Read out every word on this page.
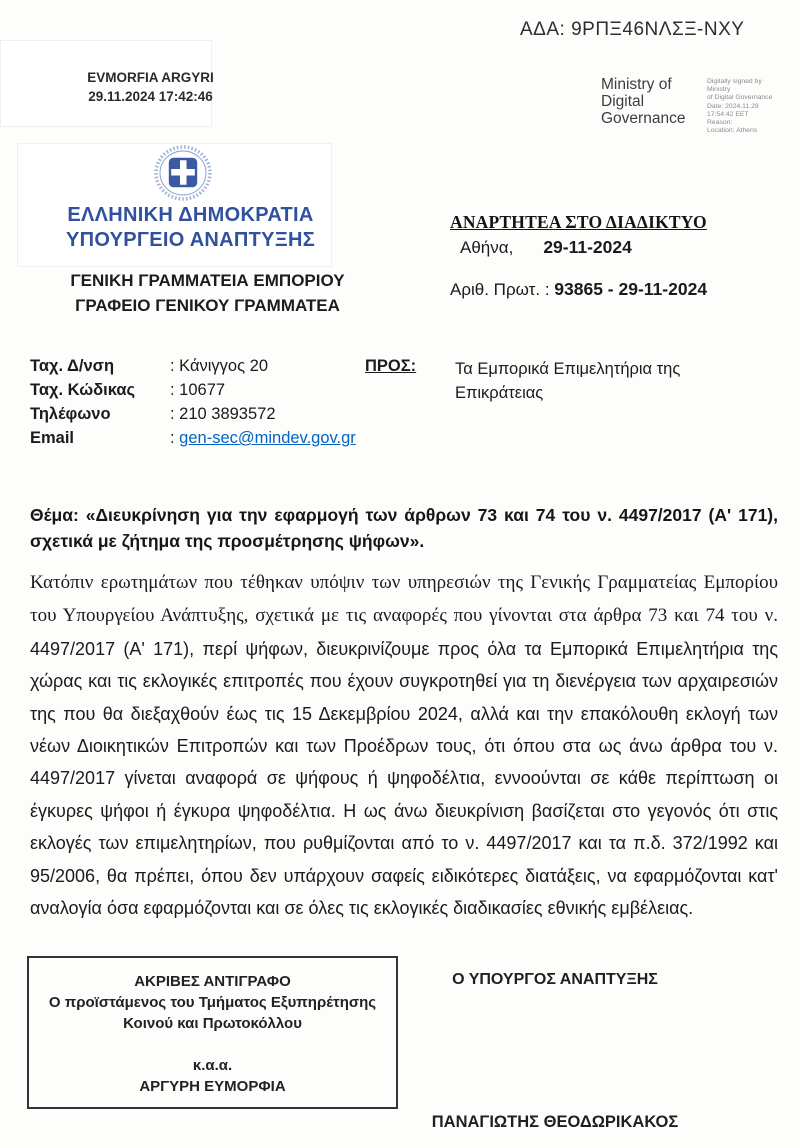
ΑΔΑ: 9ΡΠΞ46ΝΛΣΞ-ΝΧΥ
EVMORFIA ARGYRI
29.11.2024 17:42:46
Ministry of Digital Governance
Digitally signed by Ministry
of Digital Governance
Date: 2024.11.29
17:54:42 EET
Reason:
Location: Athens
ΕΛΛΗΝΙΚΗ ΔΗΜΟΚΡΑΤΙΑ
ΥΠΟΥΡΓΕΙΟ ΑΝΑΠΤΥΞΗΣ
ΓΕΝΙΚΗ ΓΡΑΜΜΑΤΕΙΑ ΕΜΠΟΡΙΟΥ
ΓΡΑΦΕΙΟ ΓΕΝΙΚΟΥ ΓΡΑΜΜΑΤΕΑ
ΑΝΑΡΤΗΤΕΑ ΣΤΟ ΔΙΑΔΙΚΤΥΟ
Αθήνα, 29-11-2024
Αριθ. Πρωτ. : 93865 - 29-11-2024
Ταχ. Δ/νση	: Κάνιγγος 20
Ταχ. Κώδικας : 10677
Τηλέφωνο	: 210 3893572
Email	: gen-sec@mindev.gov.gr
ΠΡΟΣ: Τα Εμπορικά Επιμελητήρια της Επικράτειας
Θέμα: «Διευκρίνηση για την εφαρμογή των άρθρων 73 και 74 του ν. 4497/2017 (Α' 171), σχετικά με ζήτημα της προσμέτρησης ψήφων».
Κατόπιν ερωτημάτων που τέθηκαν υπόψιν των υπηρεσιών της Γενικής Γραμματείας Εμπορίου του Υπουργείου Ανάπτυξης, σχετικά με τις αναφορές που γίνονται στα άρθρα 73 και 74 του ν. 4497/2017 (Α' 171), περί ψήφων, διευκρινίζουμε προς όλα τα Εμπορικά Επιμελητήρια της χώρας και τις εκλογικές επιτροπές που έχουν συγκροτηθεί για τη διενέργεια των αρχαιρεσιών της που θα διεξαχθούν έως τις 15 Δεκεμβρίου 2024, αλλά και την επακόλουθη εκλογή των νέων Διοικητικών Επιτροπών και των Προέδρων τους, ότι όπου στα ως άνω άρθρα του ν. 4497/2017 γίνεται αναφορά σε ψήφους ή ψηφοδέλτια, εννοούνται σε κάθε περίπτωση οι έγκυρες ψήφοι ή έγκυρα ψηφοδέλτια. Η ως άνω διευκρίνιση βασίζεται στο γεγονός ότι στις εκλογές των επιμελητηρίων, που ρυθμίζονται από το ν. 4497/2017 και τα π.δ. 372/1992 και 95/2006, θα πρέπει, όπου δεν υπάρχουν σαφείς ειδικότερες διατάξεις, να εφαρμόζονται κατ' αναλογία όσα εφαρμόζονται και σε όλες τις εκλογικές διαδικασίες εθνικής εμβέλειας.
ΑΚΡΙΒΕΣ ΑΝΤΙΓΡΑΦΟ
Ο προϊστάμενος του Τμήματος Εξυπηρέτησης
Κοινού και Πρωτοκόλλου
κ.α.α.
ΑΡΓΥΡΗ ΕΥΜΟΡΦΙΑ
Ο ΥΠΟΥΡΓΟΣ ΑΝΑΠΤΥΞΗΣ
ΠΑΝΑΓΙΩΤΗΣ ΘΕΟΔΩΡΙΚΑΚΟΣ
